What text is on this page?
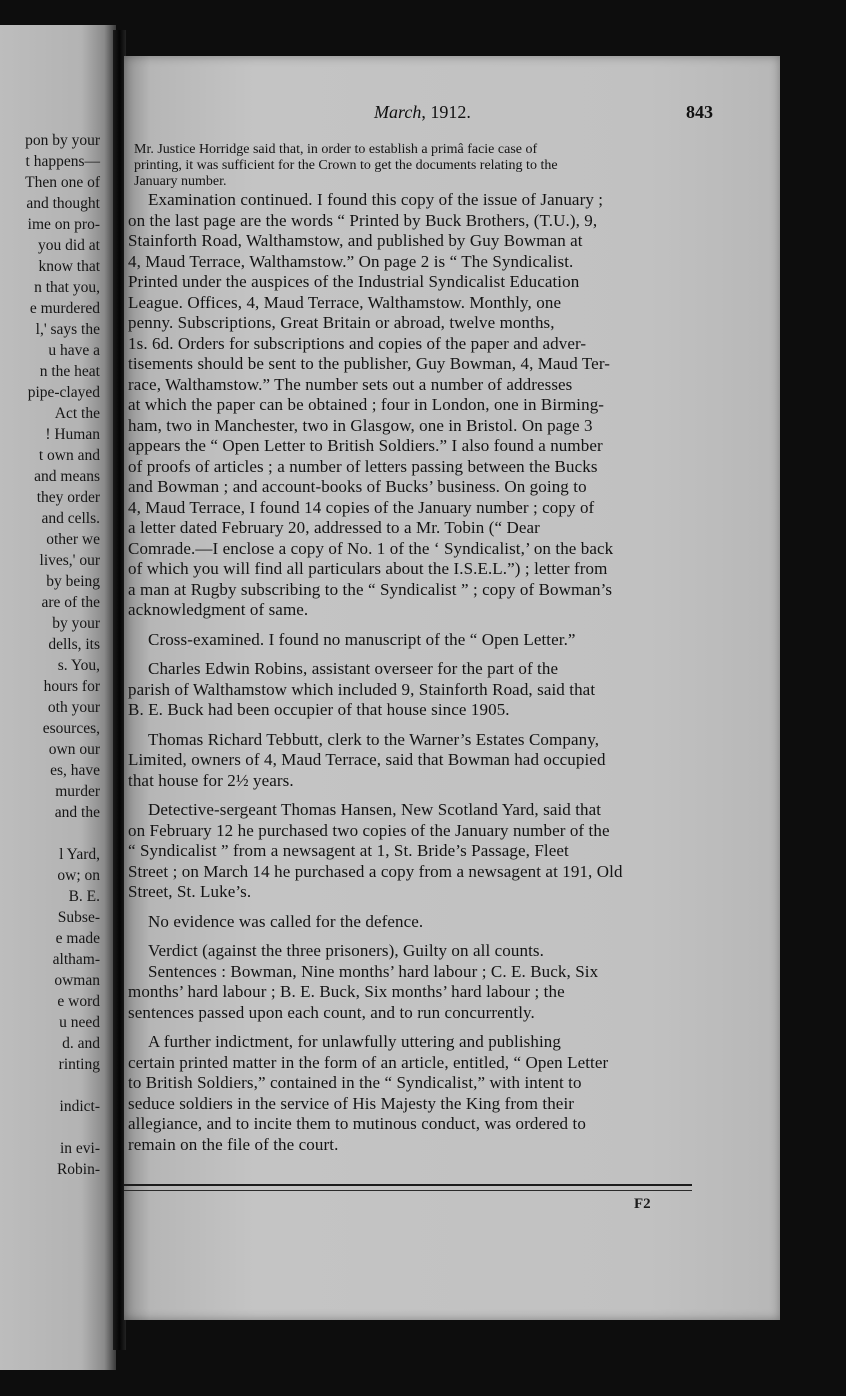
pon by your
t happens—
Then one of
and thought
ime on pro-
you did at
know that
n that you,
e murdered
l,' says the
u have a
n the heat
pipe-clayed
Act the
! Human
t own and
and means
they order
and cells.
other we
lives,' our
by being
are of the
by your
dells, its
s. You,
hours for
oth your
esources,
own our
es, have
murder
and the
l Yard,
ow; on
B. E.
Subse-
e made
altham-
owman
e word
u need
d. and
rinting
indict-
in evi-
Robin-
March, 1912.	843
Mr. Justice Horridge said that, in order to establish a primâ facie case of
printing, it was sufficient for the Crown to get the documents relating to the
January number.
Examination continued. I found this copy of the issue of January ;
on the last page are the words “ Printed by Buck Brothers, (T.U.), 9,
Stainforth Road, Walthamstow, and published by Guy Bowman at
4, Maud Terrace, Walthamstow.” On page 2 is “ The Syndicalist.
Printed under the auspices of the Industrial Syndicalist Education
League. Offices, 4, Maud Terrace, Walthamstow. Monthly, one
penny. Subscriptions, Great Britain or abroad, twelve months,
1s. 6d. Orders for subscriptions and copies of the paper and adver-
tisements should be sent to the publisher, Guy Bowman, 4, Maud Ter-
race, Walthamstow.” The number sets out a number of addresses
at which the paper can be obtained ; four in London, one in Birming-
ham, two in Manchester, two in Glasgow, one in Bristol. On page 3
appears the “ Open Letter to British Soldiers.” I also found a number
of proofs of articles ; a number of letters passing between the Bucks
and Bowman ; and account-books of Bucks’ business. On going to
4, Maud Terrace, I found 14 copies of the January number ; copy of
a letter dated February 20, addressed to a Mr. Tobin (“ Dear
Comrade.—I enclose a copy of No. 1 of the ‘ Syndicalist,’ on the back
of which you will find all particulars about the I.S.E.L.”) ; letter from
a man at Rugby subscribing to the “ Syndicalist ” ; copy of Bowman’s
acknowledgment of same.
Cross-examined. I found no manuscript of the “ Open Letter.”
Charles Edwin Robins, assistant overseer for the part of the
parish of Walthamstow which included 9, Stainforth Road, said that
B. E. Buck had been occupier of that house since 1905.
Thomas Richard Tebbutt, clerk to the Warner’s Estates Company,
Limited, owners of 4, Maud Terrace, said that Bowman had occupied
that house for 2½ years.
Detective-sergeant Thomas Hansen, New Scotland Yard, said that
on February 12 he purchased two copies of the January number of the
“ Syndicalist ” from a newsagent at 1, St. Bride’s Passage, Fleet
Street ; on March 14 he purchased a copy from a newsagent at 191, Old
Street, St. Luke’s.
No evidence was called for the defence.
Verdict (against the three prisoners), Guilty on all counts.
Sentences : Bowman, Nine months’ hard labour ; C. E. Buck, Six
months’ hard labour ; B. E. Buck, Six months’ hard labour ; the
sentences passed upon each count, and to run concurrently.
A further indictment, for unlawfully uttering and publishing
certain printed matter in the form of an article, entitled, “ Open Letter
to British Soldiers,” contained in the “ Syndicalist,” with intent to
seduce soldiers in the service of His Majesty the King from their
allegiance, and to incite them to mutinous conduct, was ordered to
remain on the file of the court.
F2
